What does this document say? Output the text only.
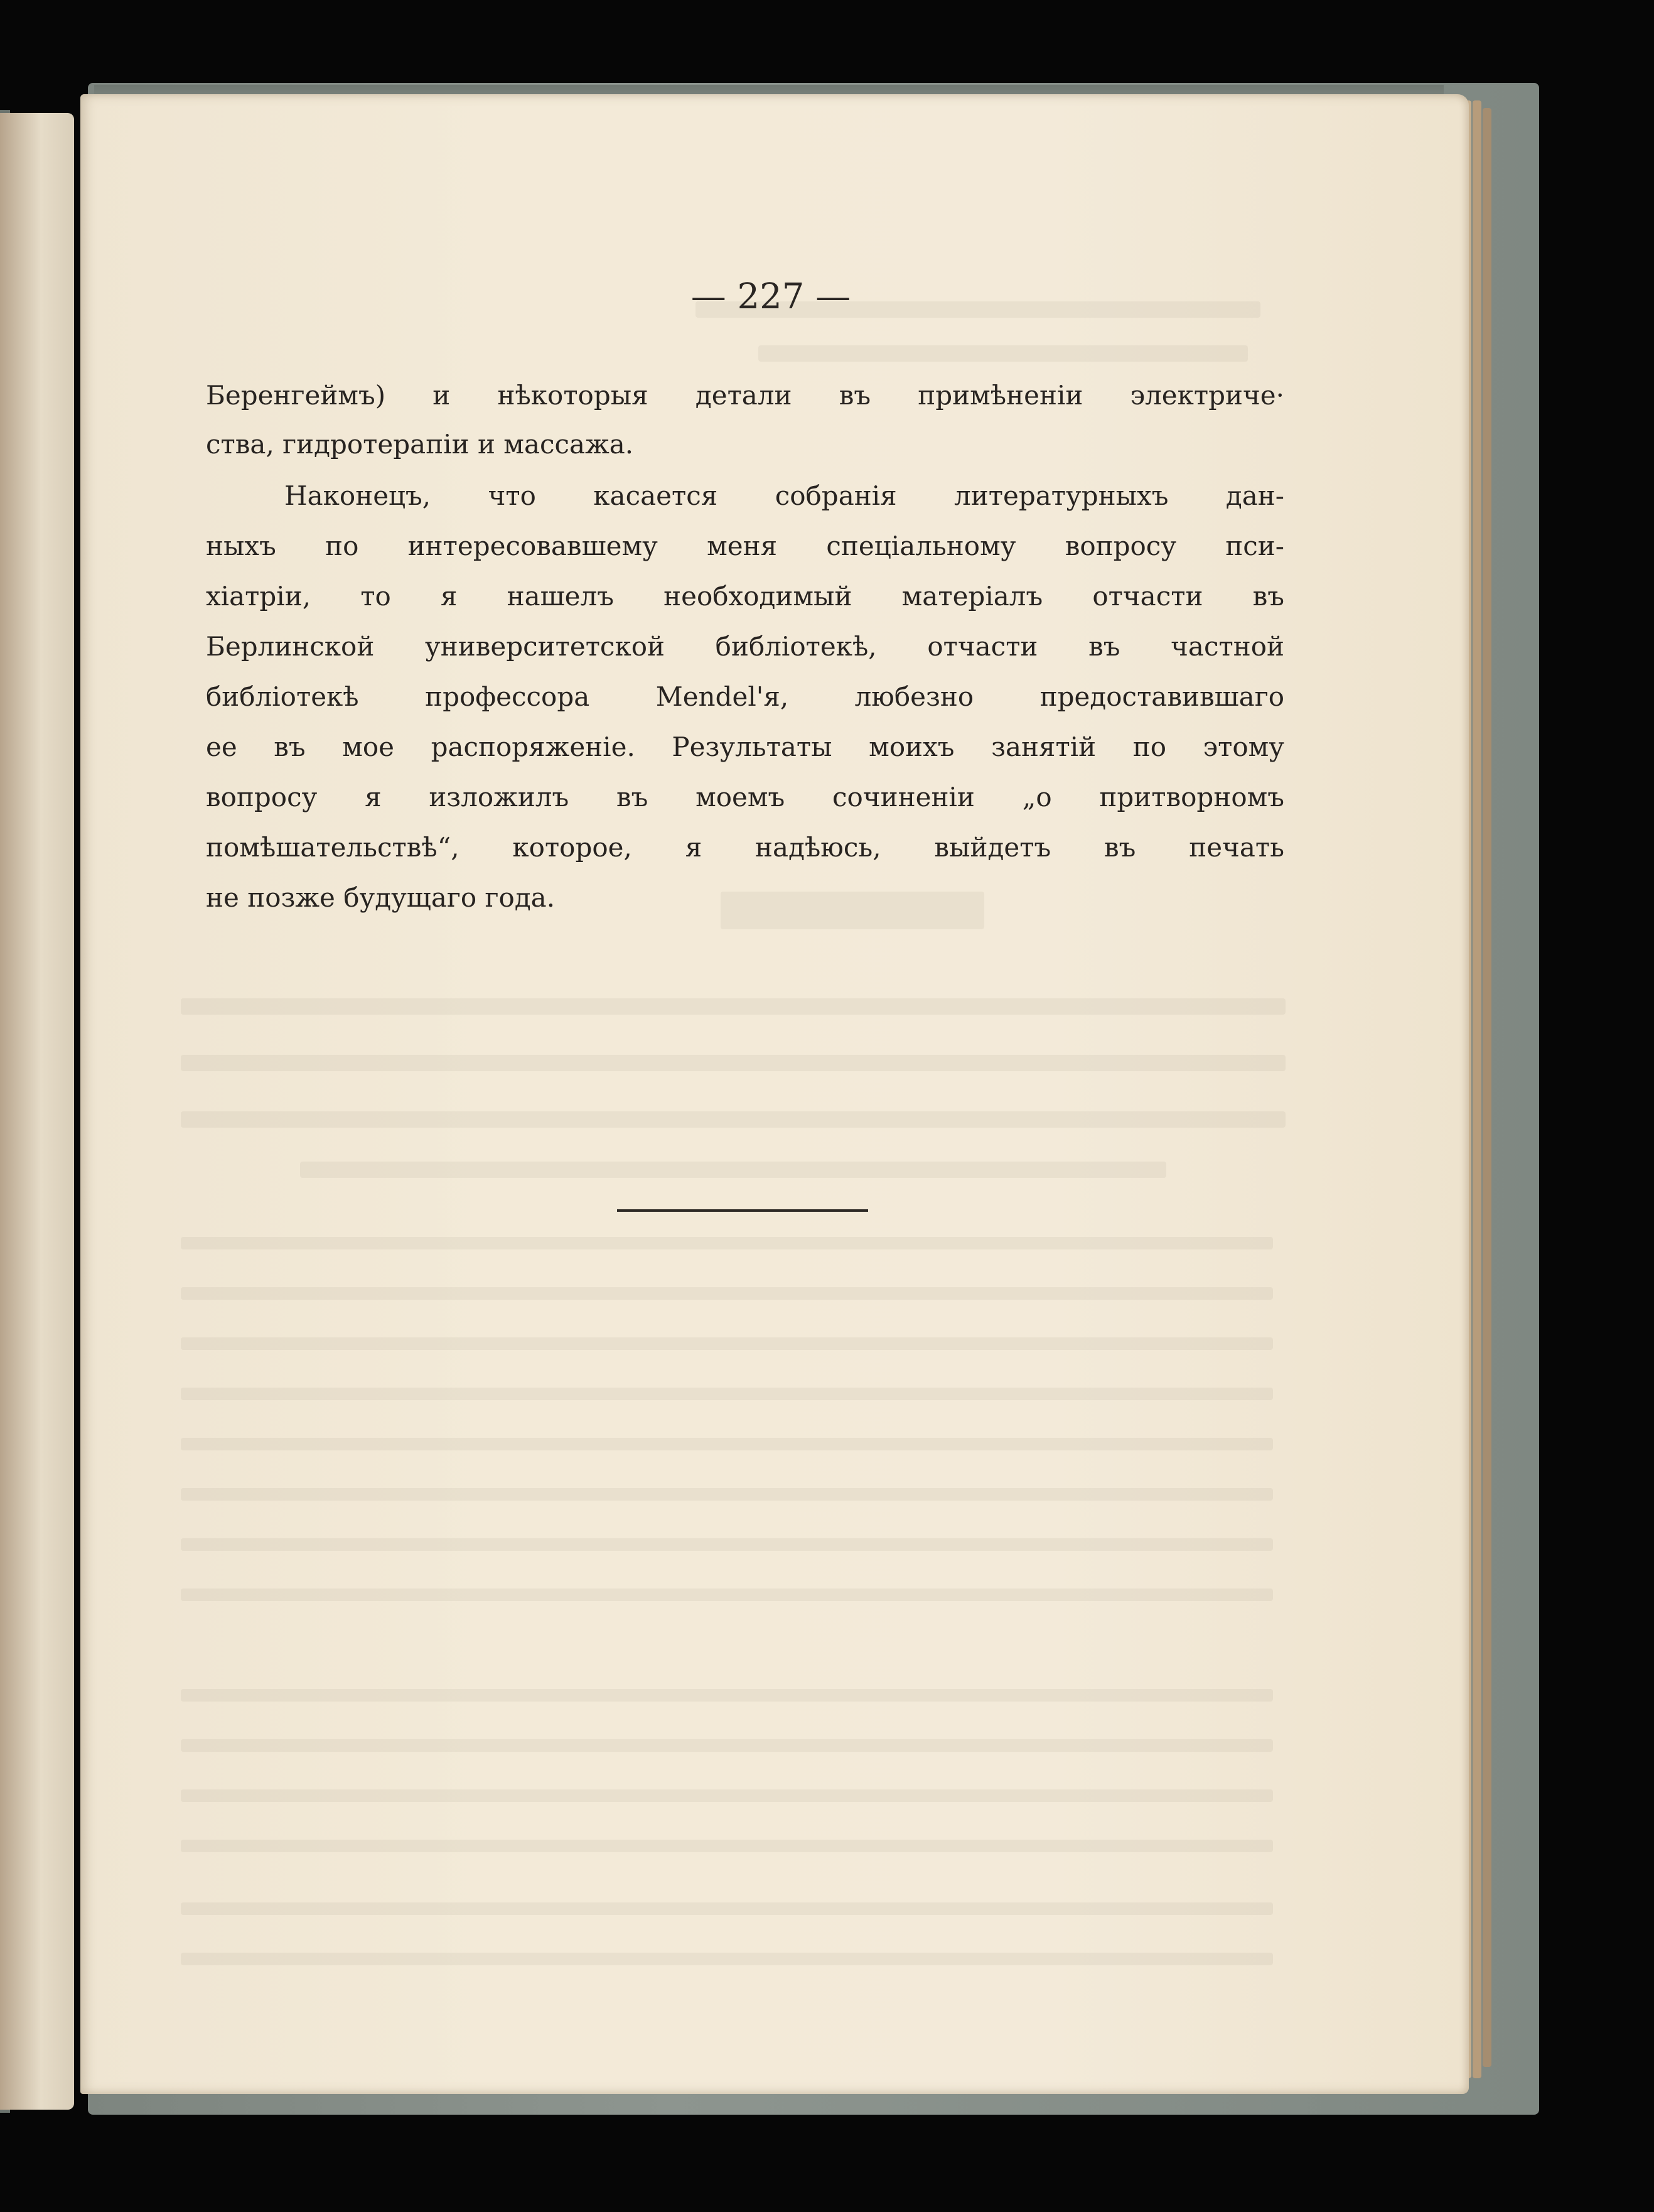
— 227 —
Беренгеймъ) и нѣкоторыя детали въ примѣненіи электриче·
ства, гидротерапіи и массажа.
Наконецъ, что касается собранія литературныхъ дан-
ныхъ по интересовавшему меня спеціальному вопросу пси-
хіатріи, то я нашелъ необходимый матеріалъ отчасти въ
Берлинской университетской библіотекѣ, отчасти въ частной
библіотекѣ профессора Mendel'я, любезно предоставившаго
ее въ мое распоряженіе. Результаты моихъ занятій по этому
вопросу я изложилъ въ моемъ сочиненіи „о притворномъ
помѣшательствѣ“, которое, я надѣюсь, выйдетъ въ печать
не позже будущаго года.
